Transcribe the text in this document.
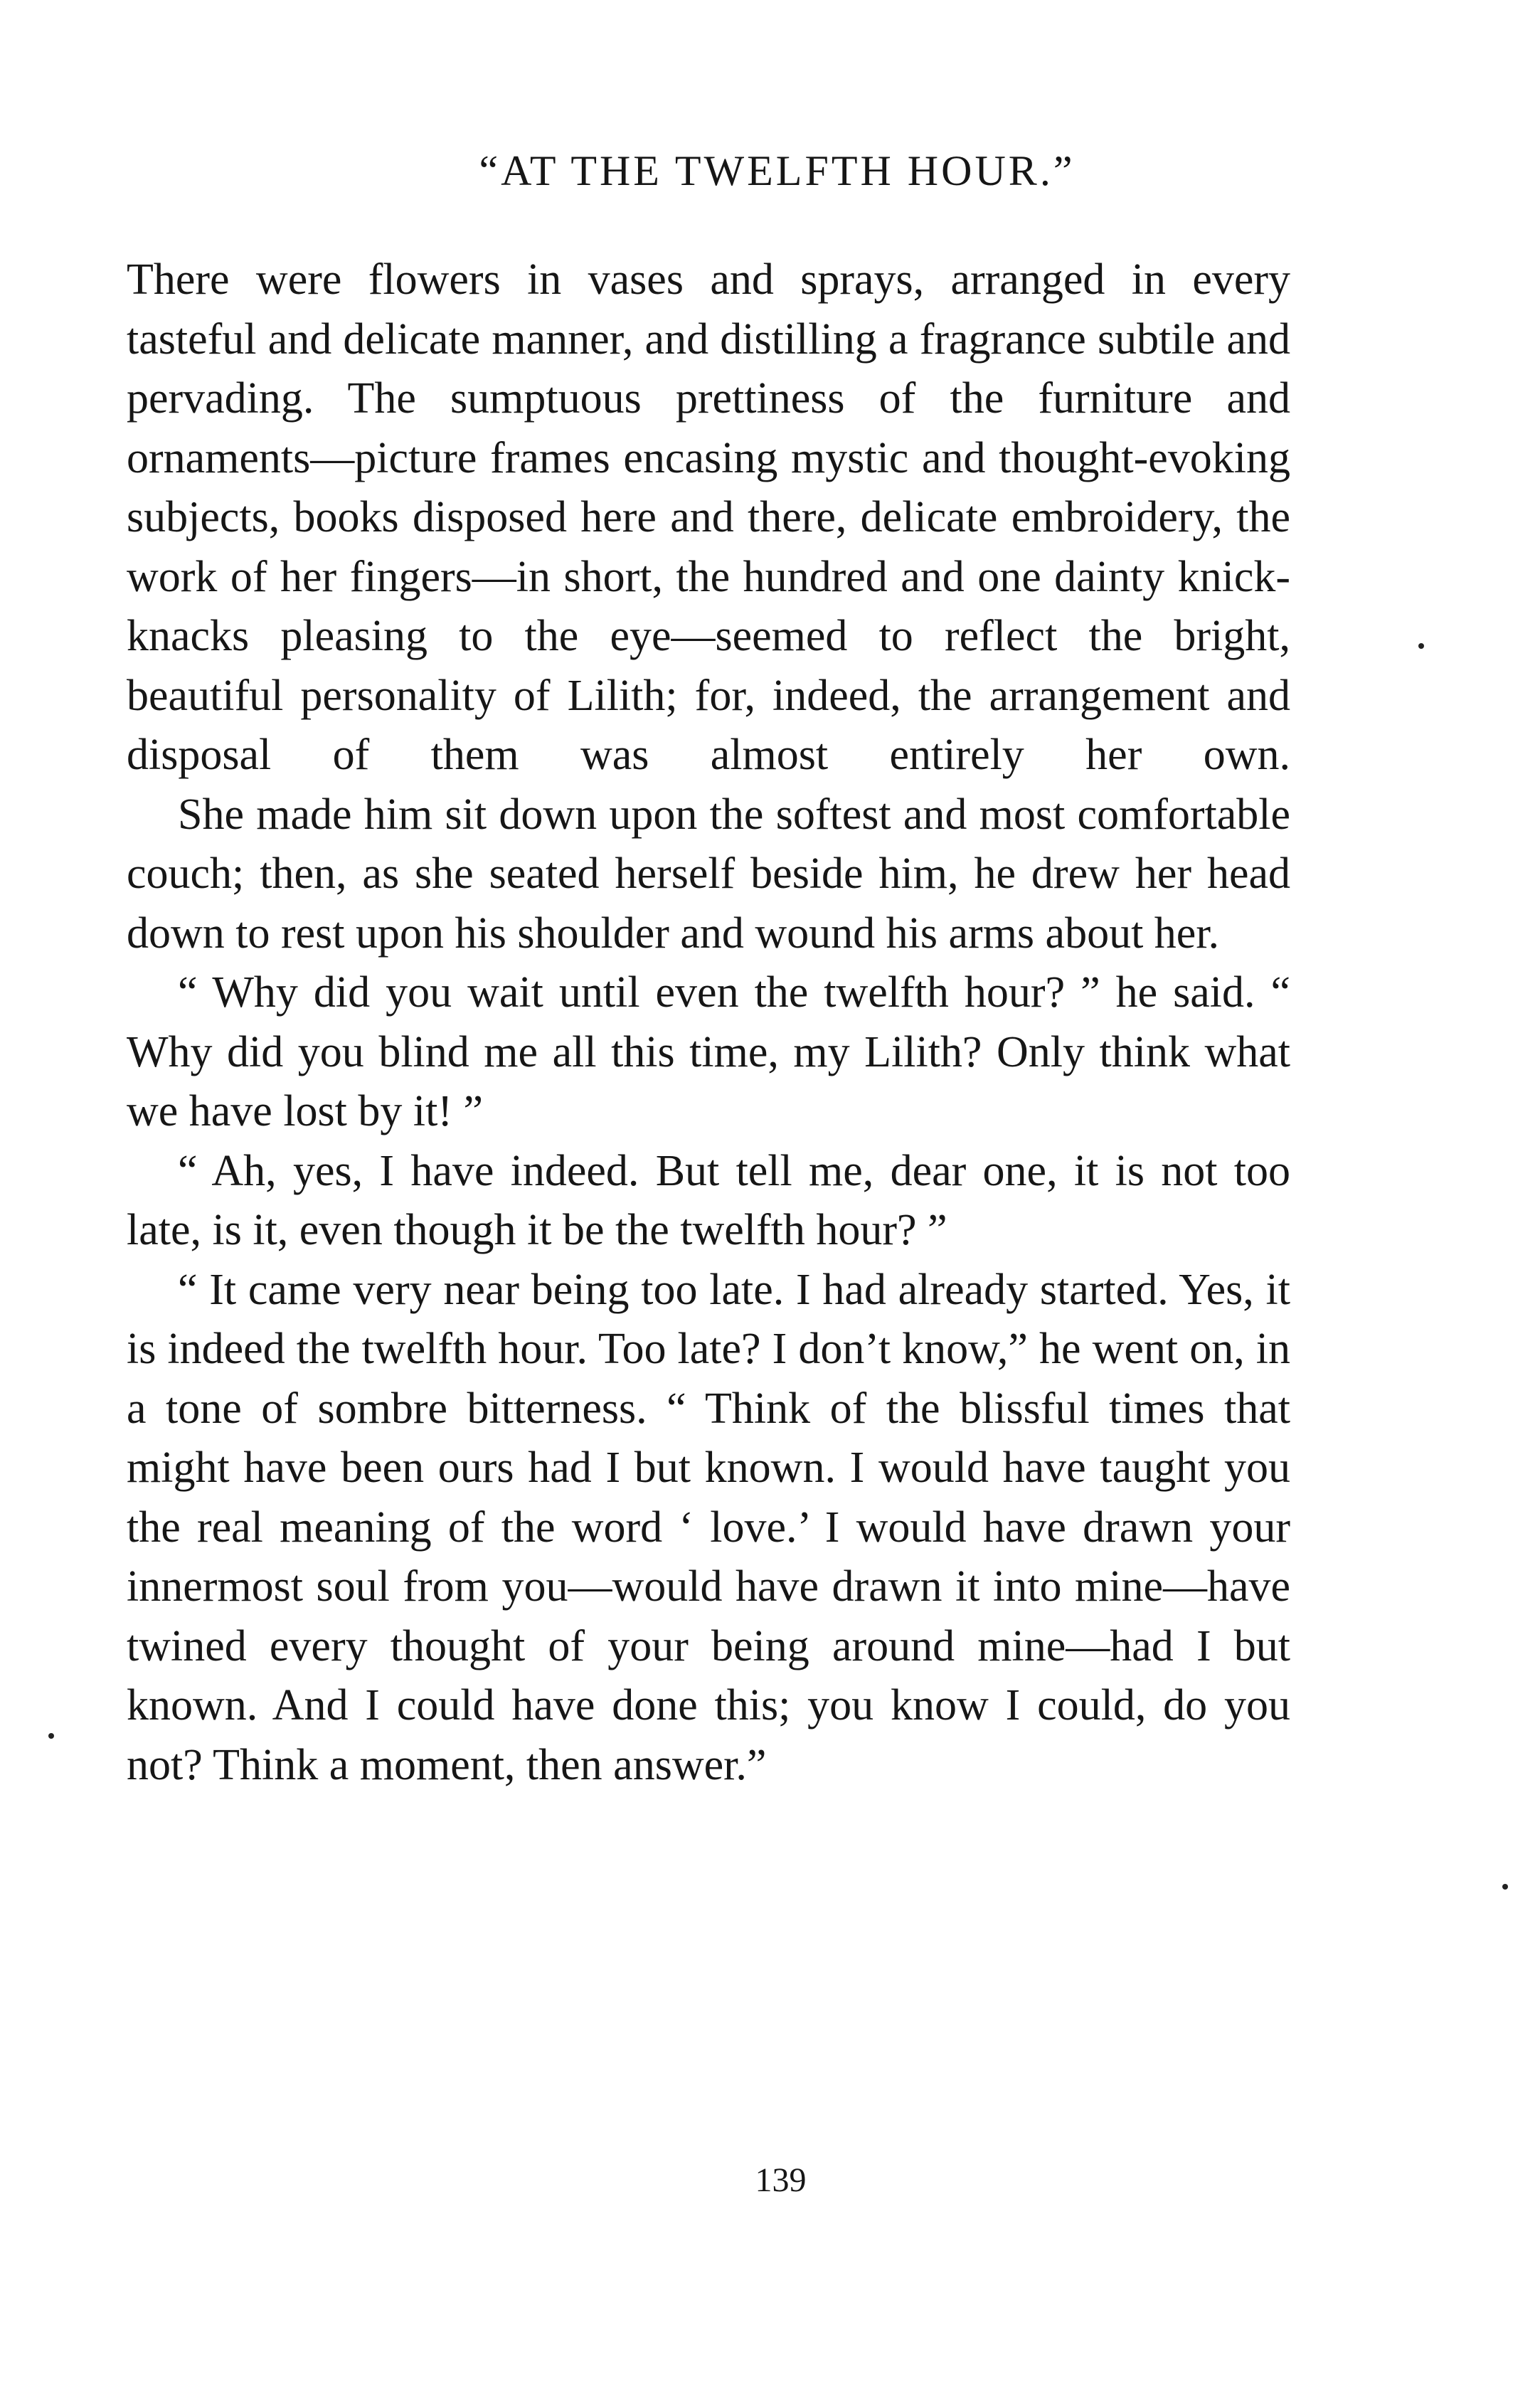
“AT THE TWELFTH HOUR.”

There were flowers in vases and sprays, arranged in every tasteful and delicate manner, and distilling a fragrance subtile and pervading. The sumptuous prettiness of the furniture and ornaments—picture frames encasing mystic and thought-evoking subjects, books disposed here and there, delicate embroidery, the work of her fingers—in short, the hundred and one dainty knick-knacks pleasing to the eye—seemed to reflect the bright, beautiful personality of Lilith; for, indeed, the arrangement and disposal of them was almost entirely her own.

She made him sit down upon the softest and most comfortable couch; then, as she seated herself beside him, he drew her head down to rest upon his shoulder and wound his arms about her.

“ Why did you wait until even the twelfth hour? ” he said. “ Why did you blind me all this time, my Lilith? Only think what we have lost by it! ”

“ Ah, yes, I have indeed. But tell me, dear one, it is not too late, is it, even though it be the twelfth hour? ”

“ It came very near being too late. I had already started. Yes, it is indeed the twelfth hour. Too late? I don’t know,” he went on, in a tone of sombre bitterness. “ Think of the blissful times that might have been ours had I but known. I would have taught you the real meaning of the word ‘ love.’ I would have drawn your innermost soul from you—would have drawn it into mine—have twined every thought of your being around mine—had I but known. And I could have done this; you know I could, do you not? Think a moment, then answer.”

139
